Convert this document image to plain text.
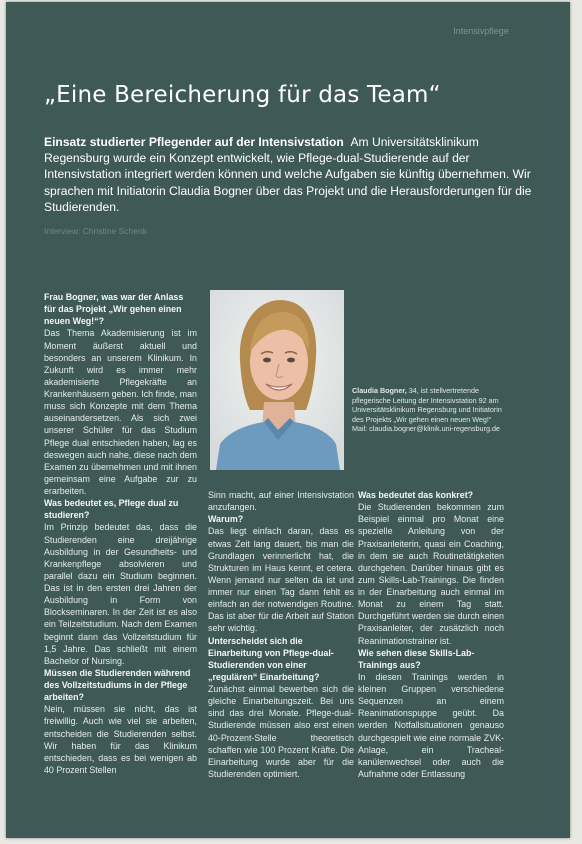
Intensivpflege
„Eine Bereicherung für das Team“

Einsatz studierter Pflegender auf der Intensivstation Am Universitätsklinikum Regensburg wurde ein Konzept entwickelt, wie Pflege-dual-Studierende auf der Intensivstation integriert werden können und welche Aufgaben sie künftig übernehmen. Wir sprachen mit Initiatorin Claudia Bogner über das Projekt und die Herausforderungen für die Studierenden.

Interview: Christine Schenk

Frau Bogner, was war der Anlass für das Projekt „Wir gehen einen neuen Weg!“?

Das Thema Akademisierung ist im Moment äußerst aktuell und besonders an unserem Klinikum. In Zukunft wird es immer mehr akademisierte Pflegekräfte an Krankenhäusern geben. Ich finde, man muss sich Konzepte mit dem Thema auseinandersetzen. Als sich zwei unserer Schüler für das Studium Pflege dual entschieden haben, lag es deswegen auch nahe, diese nach dem Examen zu übernehmen und mit ihnen gemeinsam eine Aufgabe zur zu erarbeiten.

Was bedeutet es, Pflege dual zu studieren?

Im Prinzip bedeutet das, dass die Studierenden eine dreijährige Ausbildung in der Gesundheits- und Krankenpflege absolvieren und parallel dazu ein Studium beginnen. Das ist in den ersten drei Jahren der Ausbildung in Form von Blockseminaren. In der Zeit ist es also ein Teilzeitstudium. Nach dem Examen beginnt dann das Vollzeitstudium für 1,5 Jahre. Das schließt mit einem Bachelor of Nursing.

Müssen die Studierenden während des Vollzeitstudiums in der Pflege arbeiten?

Nein, müssen sie nicht, das ist freiwillig. Auch wie viel sie arbeiten, entscheiden die Studierenden selbst. Wir haben für das Klinikum entschieden, dass es bei wenigen ab 40 Prozent Stellen

Claudia Bogner, 34, ist stellvertretende pflegerische Leitung der Intensivstation 92 am Universitätsklinikum Regensburg und Initiatorin des Projekts „Wir gehen einen neuen Weg!“
Mail: claudia.bogner@klinik.uni-regensburg.de

Sinn macht, auf einer Intensivstation anzufangen.

Warum?

Das liegt einfach daran, dass es etwas Zeit lang dauert, bis man die Grundlagen verinnerlicht hat, die Strukturen im Haus kennt, et cetera. Wenn jemand nur selten da ist und immer nur einen Tag dann fehlt es einfach an der notwendigen Routine. Das ist aber für die Arbeit auf Station sehr wichtig.

Unterscheidet sich die Einarbeitung von Pflege-dual-Studierenden von einer „regulären“ Einarbeitung?

Zunächst einmal bewerben sich die gleiche Einarbeitungszeit. Bei uns sind das drei Monate. Pflege-dual-Studierende müssen also erst einen 40-Prozent-Stelle theoretisch schaffen wie 100 Prozent Kräfte. Die Einarbeitung wurde aber für die Studierenden optimiert.

Was bedeutet das konkret?

Die Studierenden bekommen zum Beispiel einmal pro Monat eine spezielle Anleitung von der Praxisanleiterin, quasi ein Coaching, in dem sie auch Routinetätigkeiten durchgehen. Darüber hinaus gibt es zum Skills-Lab-Trainings. Die finden in der Einarbeitung auch einmal im Monat zu einem Tag statt. Durchgeführt werden sie durch einen Praxisanleiter, der zusätzlich noch Reanimationstrainer ist.

Wie sehen diese Skills-Lab-Trainings aus?

In diesen Trainings werden in kleinen Gruppen verschiedene Sequenzen an einem Reanimationspuppe geübt. Da werden Notfallsituationen genauso durchgespielt wie eine normale ZVK-Anlage, ein Tracheal-kanülenwechsel oder auch die Aufnahme oder Entlassung
